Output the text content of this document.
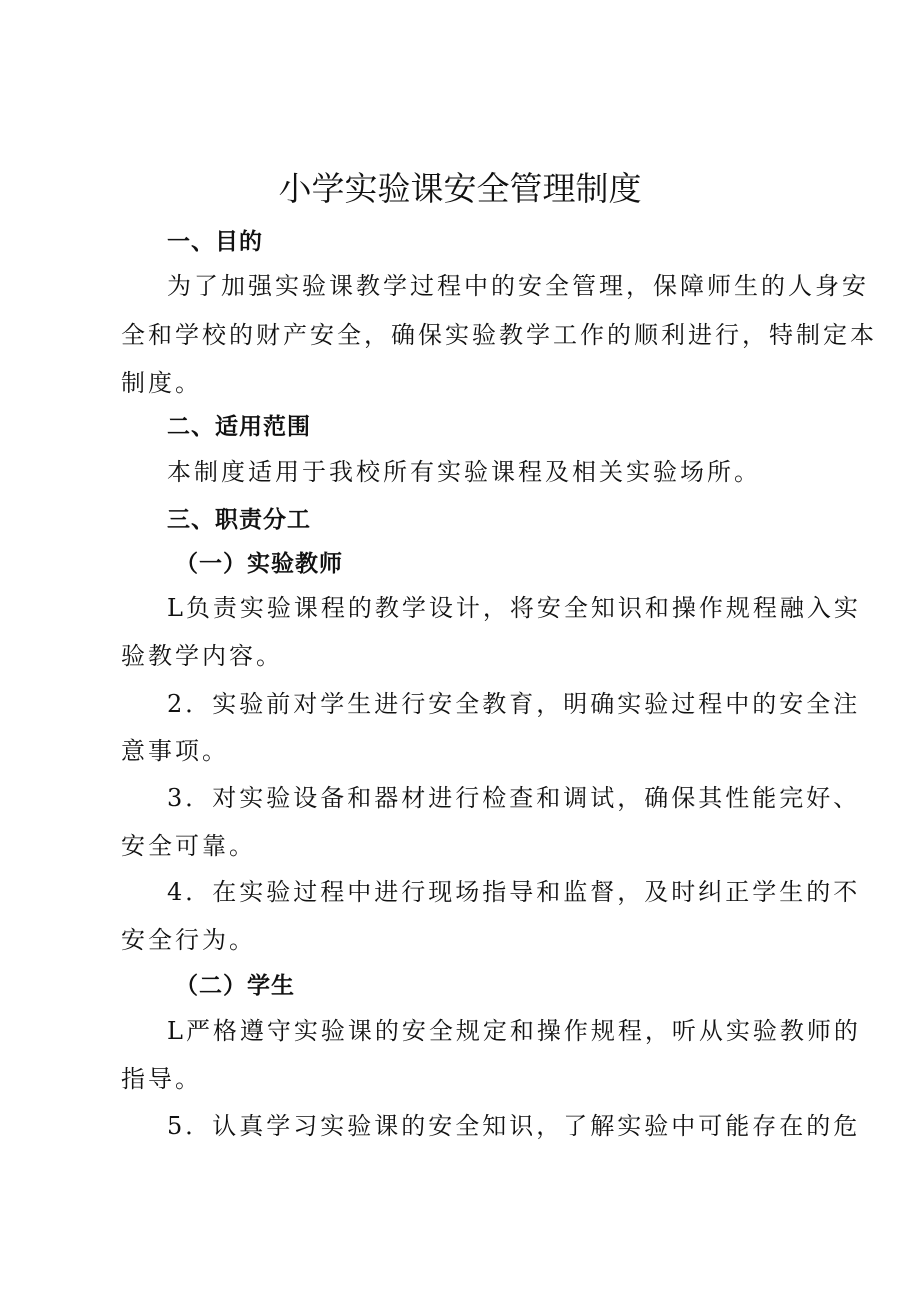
小学实验课安全管理制度

一、目的

为了加强实验课教学过程中的安全管理，保障师生的人身安

全和学校的财产安全，确保实验教学工作的顺利进行，特制定本

制度。

二、适用范围

本制度适用于我校所有实验课程及相关实验场所。

三、职责分工

（一）实验教师

L负责实验课程的教学设计，将安全知识和操作规程融入实

验教学内容。

2．实验前对学生进行安全教育，明确实验过程中的安全注

意事项。

3．对实验设备和器材进行检查和调试，确保其性能完好、

安全可靠。

4．在实验过程中进行现场指导和监督，及时纠正学生的不

安全行为。

（二）学生

L严格遵守实验课的安全规定和操作规程，听从实验教师的

指导。

5．认真学习实验课的安全知识，了解实验中可能存在的危
